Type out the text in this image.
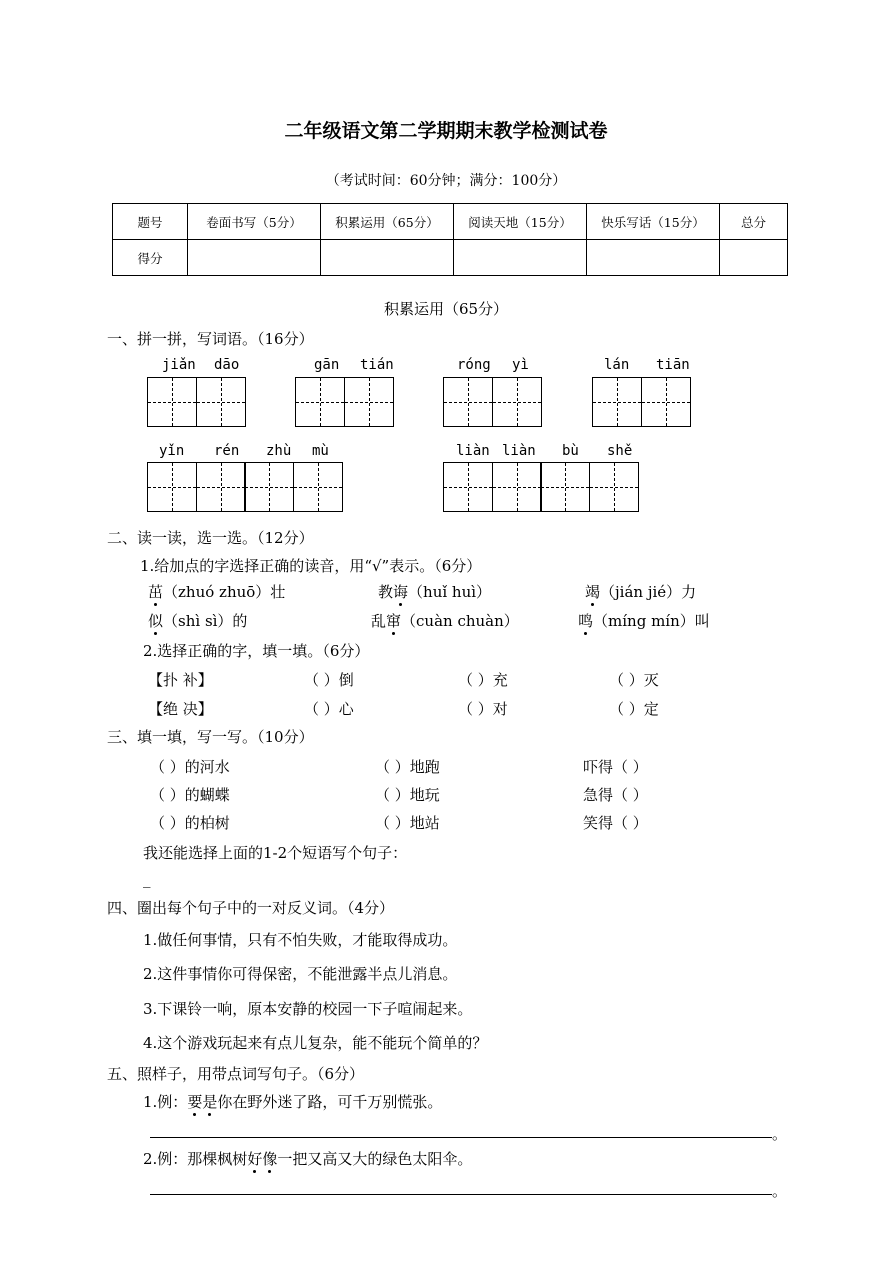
二年级语文第二学期期末教学检测试卷
（考试时间：60分钟；满分：100分）
题号	卷面书写（5分）	积累运用（65分）	阅读天地（15分）	快乐写话（15分）	总分
得分					
积累运用（65分）
一、拼一拼，写词语。（16分）
jiǎn dāo	gān tián	róng yì	lán tiān
yǐn rén zhù mù	liàn liàn bù shě
二、读一读，选一选。（12分）
1.给加点的字选择正确的读音，用“√”表示。（6分）
茁（zhuó zhuō）壮	教诲（huǐ huì）	竭（jián jié）力
似（shì sì）的	乱窜（cuàn chuàn）	鸣（míng mín）叫
2.选择正确的字，填一填。（6分）
【扑 补】	（ ）倒	（ ）充	（ ）灭
【绝 决】	（ ）心	（ ）对	（ ）定
三、填一填，写一写。（10分）
（ ）的河水	（ ）地跑	吓得（ ）
（ ）的蝴蝶	（ ）地玩	急得（ ）
（ ）的柏树	（ ）地站	笑得（ ）
我还能选择上面的1-2个短语写个句子：
_
四、圈出每个句子中的一对反义词。（4分）
1.做任何事情，只有不怕失败，才能取得成功。
2.这件事情你可得保密，不能泄露半点儿消息。
3.下课铃一响，原本安静的校园一下子喧闹起来。
4.这个游戏玩起来有点儿复杂，能不能玩个简单的？
五、照样子，用带点词写句子。（6分）
1.例：要是你在野外迷了路，可千万别慌张。
。
2.例：那棵枫树好像一把又高又大的绿色太阳伞。
。
